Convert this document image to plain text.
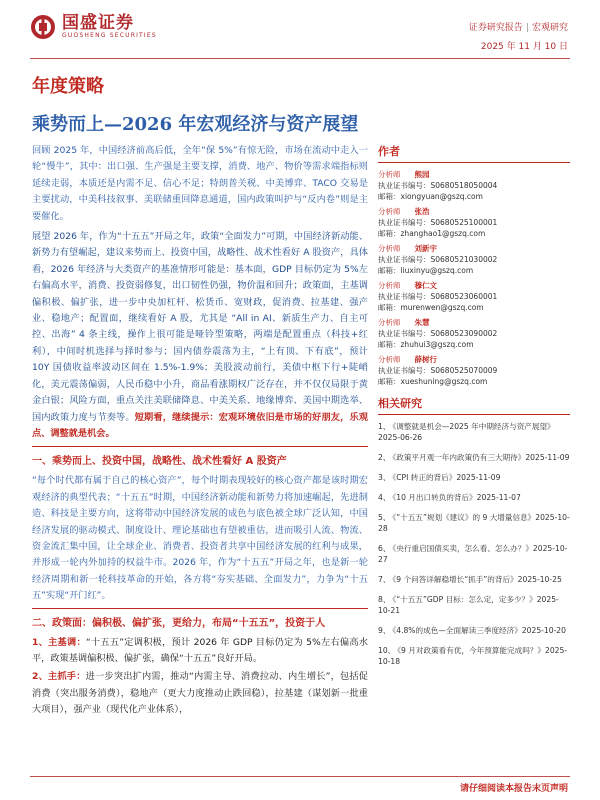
国盛证券
GUOSHENG SECURITIES
证券研究报告 | 宏观研究
2025 年 11 月 10 日
年度策略
乘势而上—2026 年宏观经济与资产展望

回顾 2025 年，中国经济前高后低，全年“保 5%”有惊无险，市场在流动中走入一轮“慢牛”，其中：出口强、生产强是主要支撑，消费、地产、物价等需求端指标则延续走弱，本质还是内需不足、信心不足；特朗普关税、中美博弈、TACO 交易是主要扰动，中美科技叙事、美联储重回降息通道，国内政策叫护与“反内卷”则是主要催化。

展望 2026 年，作为“十五五”开局之年，政策“全面发力”可期，中国经济新动能、新势力有望崛起，建议来势而上、投资中国，战略性、战术性看好 A 股资产，具体看，2026 年经济与大类资产的基准情形可能是：基本面，GDP 目标仍定为 5%左右偏高水平，消费、投资弱修复，出口韧性仍强，物价温和回升；政策面，主基调偏积极、偏扩张，进一步中央加杠杆、松货币、宽财政，促消费、拉基建、强产业、稳地产；配置面，继续看好 A 股，尤其是 “All in AI、新质生产力、自主可控、出海” 4 条主线，操作上很可能是哑铃型策略，两端是配置重点（科技+红利），中间时机选择与择时参与；国内债券震荡为主，“上有顶、下有底”，预计 10Y 国债收益率波动区间在 1.5%-1.9%；美股波动前行，美债中枢下行+陡峭化，美元震荡偏弱，人民币稳中小升，商品看涨期权广泛存在，并不仅仅局限于黄金白银；风险方面，重点关注美联储降息、中美关系、地缘博弈、美国中期选举、国内政策力度与节奏等。短期看，继续提示：宏观环境依旧是市场的好朋友，乐观点、调整就是机会。

一、乘势而上、投资中国，战略性、战术性看好 A 股资产

“每个时代都有属于自己的核心资产”，每个时期表现较好的核心资产都是该时期宏观经济的典型代表；“十五五”时期，中国经济新动能和新势力将加速崛起，先进制造、科技是主要方向，这将带动中国经济发展的成色与底色被全球广泛认知，中国经济发展的驱动模式、制度设计、理论基础也有望被重估，进而吸引人流、物流、资金流汇集中国，让全球企业、消费者、投资者共享中国经济发展的红利与成果，并形成一轮内外加持的权益牛市。2026 年，作为“十五五”开局之年，也是新一轮经济周期和新一轮科技革命的开始，各方将“夯实基础、全面发力”，力争为“十五五”实现“开门红”。

二、政策面：偏积极、偏扩张，更给力，布局“十五五”，投资于人

1、主基调：“十五五”定调积极，预计 2026 年 GDP 目标仍定为 5%左右偏高水平，政策基调偏积极、偏扩张，确保“十五五”良好开局。

2、主抓手：进一步突出扩内需，推动“内需主导、消费拉动、内生增长”，包括促消费（突出服务消费），稳地产（更大力度推动止跌回稳），拉基建（谋划新一批重大项目），强产业（现代化产业体系），

作者
分析师 熊园
执业证书编号：S0680518050004
邮箱：xiongyuan@gszq.com
分析师 张浩
执业证书编号：S0680525100001
邮箱：zhanghao1@gszq.com
分析师 刘新宇
执业证书编号：S0680521030002
邮箱：liuxinyu@gszq.com
分析师 穆仁文
执业证书编号：S0680523060001
邮箱：murenwen@gszq.com
分析师 朱慧
执业证书编号：S0680523090002
邮箱：zhuhui3@gszq.com
分析师 薛树行
执业证书编号：S0680525070009
邮箱：xueshuning@gszq.com
相关研究
1、 《调整就是机会—2025 年中期经济与资产展望》2025-06-26
2、 《政策平月观一年内政策仍有三大期待》2025-11-09
3、 《CPI 转正的背后》2025-11-09
4、 《10 月出口转负的背后》2025-11-07
5、 《“十五五”规划《建议》的 9 大增量信息》2025-10-28
6、 《央行重启国债买卖，怎么看、怎么办？》2025-10-27
7、 《9 个问答详解稳增长“抓手”的背后》2025-10-25
8、 《“十五五”GDP 目标：怎么定，定多少？》2025-10-21
9、 《4.8%的成色—全面解读三季度经济》2025-10-20
10、 《9 月对政策看有优，今年预算能完成吗？》2025-10-18
请仔细阅读本报告末页声明
